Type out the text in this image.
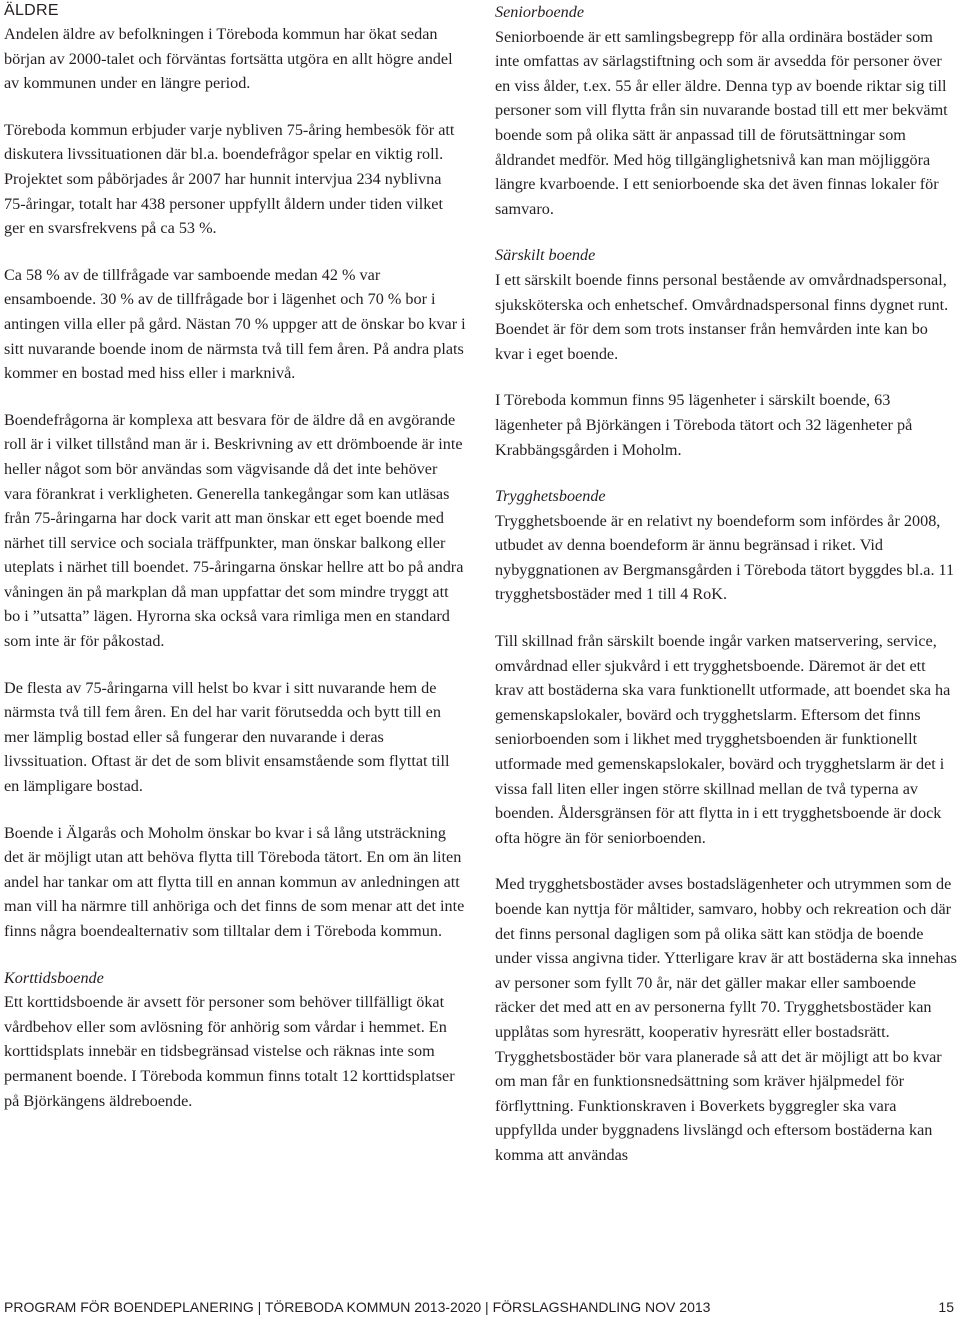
ÄLDRE

Andelen äldre av befolkningen i Töreboda kommun har ökat sedan början av 2000-talet och förväntas fortsätta utgöra en allt högre andel av kommunen under en längre period.

Töreboda kommun erbjuder varje nybliven 75-åring hembesök för att diskutera livssituationen där bl.a. boendefrågor spelar en viktig roll. Projektet som påbörjades år 2007 har hunnit intervjua 234 nyblivna 75-åringar, totalt har 438 personer uppfyllt åldern under tiden vilket ger en svarsfrekvens på ca 53 %.

Ca 58 % av de tillfrågade var samboende medan 42 % var ensamboende. 30 % av de tillfrågade bor i lägenhet och 70 % bor i antingen villa eller på gård. Nästan 70 % uppger att de önskar bo kvar i sitt nuvarande boende inom de närmsta två till fem åren. På andra plats kommer en bostad med hiss eller i marknivå.

Boendefrågorna är komplexa att besvara för de äldre då en avgörande roll är i vilket tillstånd man är i. Beskrivning av ett drömboende är inte heller något som bör användas som vägvisande då det inte behöver vara förankrat i verkligheten. Generella tankegångar som kan utläsas från 75-åringarna har dock varit att man önskar ett eget boende med närhet till service och sociala träffpunkter, man önskar balkong eller uteplats i närhet till boendet. 75-åringarna önskar hellre att bo på andra våningen än på markplan då man uppfattar det som mindre tryggt att bo i ”utsatta” lägen. Hyrorna ska också vara rimliga men en standard som inte är för påkostad.

De flesta av 75-åringarna vill helst bo kvar i sitt nuvarande hem de närmsta två till fem åren. En del har varit förutsedda och bytt till en mer lämplig bostad eller så fungerar den nuvarande i deras livssituation. Oftast är det de som blivit ensamstående som flyttat till en lämpligare bostad.

Boende i Älgarås och Moholm önskar bo kvar i så lång utsträckning det är möjligt utan att behöva flytta till Töreboda tätort. En om än liten andel har tankar om att flytta till en annan kommun av anledningen att man vill ha närmre till anhöriga och det finns de som menar att det inte finns några boendealternativ som tilltalar dem i Töreboda kommun.

Korttidsboende

Ett korttidsboende är avsett för personer som behöver tillfälligt ökat vårdbehov eller som avlösning för anhörig som vårdar i hemmet. En korttidsplats innebär en tidsbegränsad vistelse och räknas inte som permanent boende. I Töreboda kommun finns totalt 12 korttidsplatser på Björkängens äldreboende.

Seniorboende

Seniorboende är ett samlingsbegrepp för alla ordinära bostäder som inte omfattas av särlagstiftning och som är avsedda för personer över en viss ålder, t.ex. 55 år eller äldre. Denna typ av boende riktar sig till personer som vill flytta från sin nuvarande bostad till ett mer bekvämt boende som på olika sätt är anpassad till de förutsättningar som åldrandet medför. Med hög tillgänglighetsnivå kan man möjliggöra längre kvarboende. I ett seniorboende ska det även finnas lokaler för samvaro.

Särskilt boende

I ett särskilt boende finns personal bestående av omvårdnadspersonal, sjuksköterska och enhetschef. Omvårdnadspersonal finns dygnet runt. Boendet är för dem som trots instanser från hemvården inte kan bo kvar i eget boende.

I Töreboda kommun finns 95 lägenheter i särskilt boende, 63 lägenheter på Björkängen i Töreboda tätort och 32 lägenheter på Krabbängsgården i Moholm.

Trygghetsboende

Trygghetsboende är en relativt ny boendeform som infördes år 2008, utbudet av denna boendeform är ännu begränsad i riket. Vid nybyggnationen av Bergmansgården i Töreboda tätort byggdes bl.a. 11 trygghetsbostäder med 1 till 4 RoK.

Till skillnad från särskilt boende ingår varken matservering, service, omvårdnad eller sjukvård i ett trygghetsboende. Däremot är det ett krav att bostäderna ska vara funktionellt utformade, att boendet ska ha gemenskapslokaler, bovärd och trygghetslarm. Eftersom det finns seniorboenden som i likhet med trygghetsboenden är funktionellt utformade med gemenskapslokaler, bovärd och trygghetslarm är det i vissa fall liten eller ingen större skillnad mellan de två typerna av boenden. Åldersgränsen för att flytta in i ett trygghetsboende är dock ofta högre än för seniorboenden.

Med trygghetsbostäder avses bostadslägenheter och utrymmen som de boende kan nyttja för måltider, samvaro, hobby och rekreation och där det finns personal dagligen som på olika sätt kan stödja de boende under vissa angivna tider. Ytterligare krav är att bostäderna ska innehas av personer som fyllt 70 år, när det gäller makar eller samboende räcker det med att en av personerna fyllt 70. Trygghetsbostäder kan upplåtas som hyresrätt, kooperativ hyresrätt eller bostadsrätt. Trygghetsbostäder bör vara planerade så att det är möjligt att bo kvar om man får en funktionsnedsättning som kräver hjälpmedel för förflyttning. Funktionskraven i Boverkets byggregler ska vara uppfyllda under byggnadens livslängd och eftersom bostäderna kan komma att användas

PROGRAM FÖR BOENDEPLANERING | TÖREBODA KOMMUN 2013-2020 | FÖRSLAGSHANDLING NOV 2013	15
